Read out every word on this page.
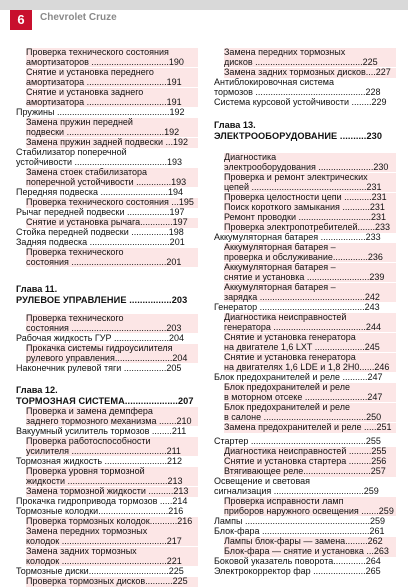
6	Chevrolet Cruze
Проверка технического состояния
амортизаторов ...............................190
Снятие и установка переднего
амортизатора ................................191
Снятие и установка заднего
амортизатора ................................191
Пружины .............................................192
Замена пружин передней
подвески .......................................192
Замена пружин задней подвески ...192
Стабилизатор поперечной
устойчивости .....................................193
Замена стоек стабилизатора
поперечной устойчивости ..............193
Передняя подвеска ...........................194
Проверка технического состояния ...195
Рычаг передней подвески .................197
Снятие и установка рычага.............197
Стойка передней подвески ...............198
Задняя подвеска ................................201
Проверка технического
состояния ......................................201
Проверка технического
состояния ......................................203
Рабочая жидкость ГУР ......................204
Прокачка системы гидроусилителя
рулевого управления.......................204
Наконечник рулевой тяги .................205
Проверка и замена демпфера
заднего тормозного механизма .......210
Вакуумный усилитель тормозов ........211
Проверка работоспособности
усилителя ......................................211
Тормозная жидкость .........................212
Проверка уровня тормозной
жидкости ........................................213
Замена тормозной жидкости ..........213
Прокачка гидропривода тормозов .....214
Тормозные колодки............................216
Проверка тормозных колодок...........216
Замена передних тормозных
колодок ..........................................217
Замена задних тормозных
колодок ..........................................221
Тормозные диски................................225
Проверка тормозных дисков...........225
Глава 11.
РУЛЕВОЕ УПРАВЛЕНИЕ ................203
Глава 12.
ТОРМОЗНАЯ СИСТЕМА....................207
Замена передних тормозных
дисков ...........................................225
Замена задних тормозных дисков....227
Антиблокировочная система
тормозов ............................................228
Система курсовой устойчивости ........229
Диагностика
электрооборудования ......................230
Проверка и ремонт электрических
цепей ..............................................231
Проверка целостности цепи ...........231
Поиск короткого замыкания ...........231
Ремонт проводки .............................231
Проверка электропотребителей.......233
Аккумуляторная батарея ..................233
Аккумуляторная батарея –
проверка и обслуживание..............236
Аккумуляторная батарея –
снятие и установка .........................239
Аккумуляторная батарея –
зарядка ..........................................242
Генератор ..........................................243
Диагностика неисправностей
генератора .....................................244
Снятие и установка генератора
на двигателе 1,6 LXT ....................245
Снятие и установка генератора
на двигателях 1,6 LDE и 1,8 2H0......246
Блок предохранителей и реле ..........247
Блок предохранителей и реле
в моторном отсеке .........................247
Блок предохранителей и реле
в салоне .........................................250
Замена предохранителей и реле .....251
Стартер ..............................................255
Диагностика неисправностей .........255
Снятие и установка стартера .........256
Втягивающее реле...........................257
Освещение и световая
сигнализация ....................................259
Проверка исправности ламп
приборов наружного освещения .......259
Лампы ..................................................259
Блок-фара ...........................................261
Лампы блок-фары — замена.........262
Блок-фара — снятие и установка ...263
Боковой указатель поворота.............264
Электрокорректор фар .....................265
Глава 13.
ЭЛЕКТРООБОРУДОВАНИЕ ..........230
